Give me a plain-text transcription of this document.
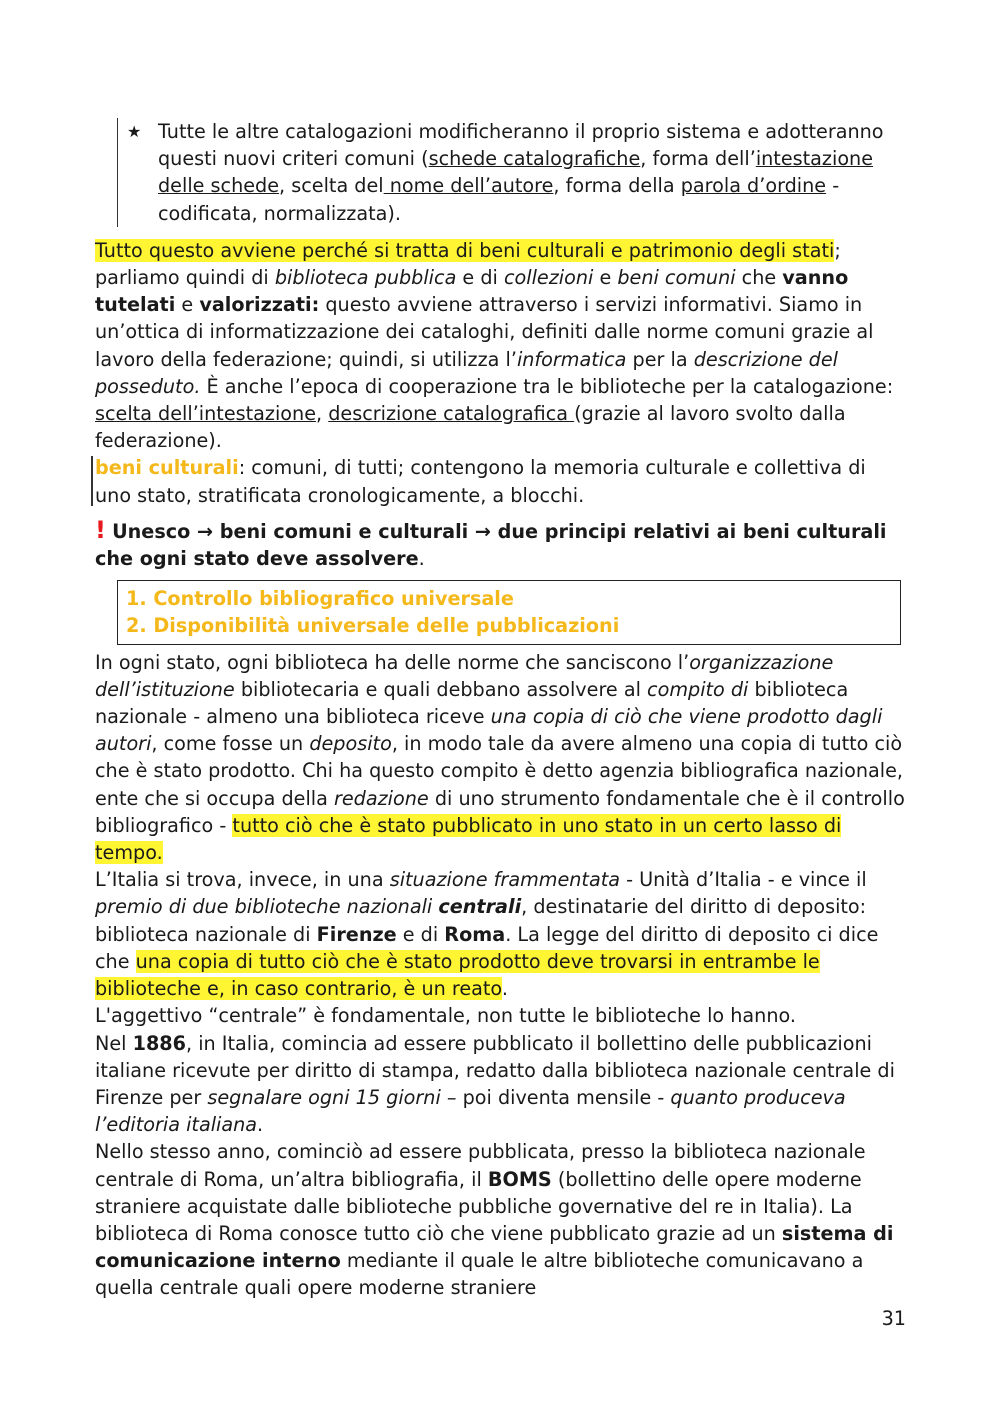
★ Tutte le altre catalogazioni modificheranno il proprio sistema e adotteranno questi nuovi criteri comuni (schede catalografiche, forma dell’intestazione delle schede, scelta del nome dell’autore, forma della parola d’ordine - codificata, normalizzata).

Tutto questo avviene perché si tratta di beni culturali e patrimonio degli stati; parliamo quindi di biblioteca pubblica e di collezioni e beni comuni che vanno tutelati e valorizzati: questo avviene attraverso i servizi informativi. Siamo in un’ottica di informatizzazione dei cataloghi, definiti dalle norme comuni grazie al lavoro della federazione; quindi, si utilizza l’informatica per la descrizione del posseduto. È anche l’epoca di cooperazione tra le biblioteche per la catalogazione: scelta dell’intestazione, descrizione catalografica (grazie al lavoro svolto dalla federazione).

beni culturali: comuni, di tutti; contengono la memoria culturale e collettiva di uno stato, stratificata cronologicamente, a blocchi.

! Unesco → beni comuni e culturali → due principi relativi ai beni culturali che ogni stato deve assolvere.

1. Controllo bibliografico universale
2. Disponibilità universale delle pubblicazioni

In ogni stato, ogni biblioteca ha delle norme che sanciscono l’organizzazione dell’istituzione bibliotecaria e quali debbano assolvere al compito di biblioteca nazionale - almeno una biblioteca riceve una copia di ciò che viene prodotto dagli autori, come fosse un deposito, in modo tale da avere almeno una copia di tutto ciò che è stato prodotto. Chi ha questo compito è detto agenzia bibliografica nazionale, ente che si occupa della redazione di uno strumento fondamentale che è il controllo bibliografico - tutto ciò che è stato pubblicato in uno stato in un certo lasso di tempo.

L’Italia si trova, invece, in una situazione frammentata - Unità d’Italia - e vince il premio di due biblioteche nazionali centrali, destinatarie del diritto di deposito: biblioteca nazionale di Firenze e di Roma. La legge del diritto di deposito ci dice che una copia di tutto ciò che è stato prodotto deve trovarsi in entrambe le biblioteche e, in caso contrario, è un reato.

L'aggettivo “centrale” è fondamentale, non tutte le biblioteche lo hanno.

Nel 1886, in Italia, comincia ad essere pubblicato il bollettino delle pubblicazioni italiane ricevute per diritto di stampa, redatto dalla biblioteca nazionale centrale di Firenze per segnalare ogni 15 giorni – poi diventa mensile - quanto produceva l’editoria italiana.

Nello stesso anno, cominciò ad essere pubblicata, presso la biblioteca nazionale centrale di Roma, un’altra bibliografia, il BOMS (bollettino delle opere moderne straniere acquistate dalle biblioteche pubbliche governative del re in Italia). La biblioteca di Roma conosce tutto ciò che viene pubblicato grazie ad un sistema di comunicazione interno mediante il quale le altre biblioteche comunicavano a quella centrale quali opere moderne straniere

31
